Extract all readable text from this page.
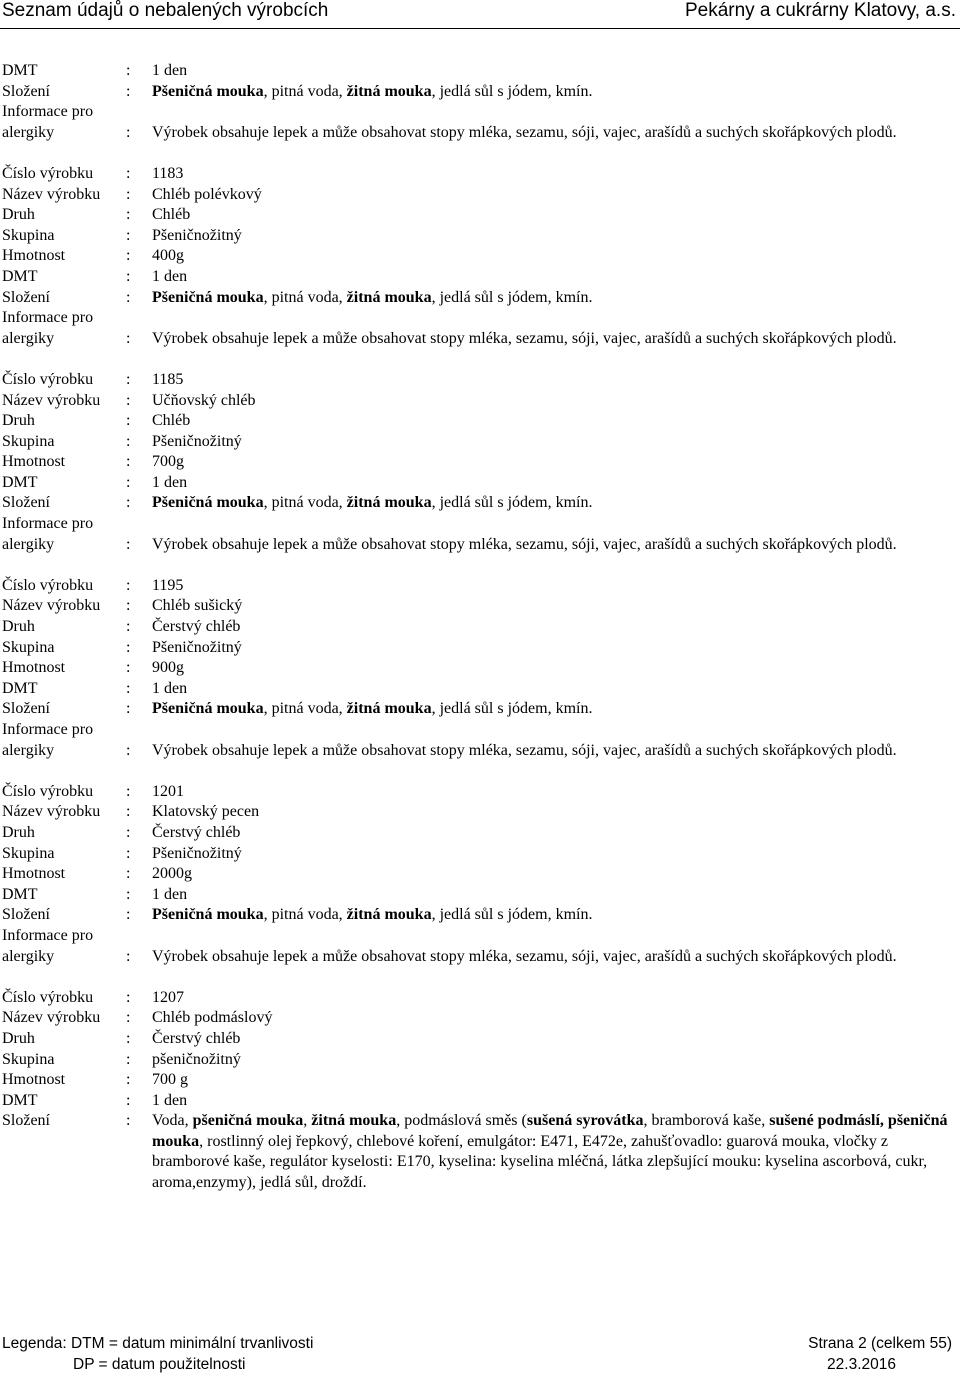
Seznam údajů o nebalených výrobcích	Pekárny a cukrárny Klatovy, a.s.
DMT	: 1 den
Složení	: Pšeničná mouka, pitná voda, žitná mouka, jedlá sůl s jódem, kmín.
Informace pro
alergiky	: Výrobek obsahuje lepek a může obsahovat stopy mléka, sezamu, sóji, vajec, arašídů a suchých skořápkových plodů.
Číslo výrobku : 1183
Název výrobku : Chléb polévkový
Druh	: Chléb
Skupina	: Pšeničnožitný
Hmotnost	: 400g
DMT	: 1 den
Složení	: Pšeničná mouka, pitná voda, žitná mouka, jedlá sůl s jódem, kmín.
Informace pro
alergiky	: Výrobek obsahuje lepek a může obsahovat stopy mléka, sezamu, sóji, vajec, arašídů a suchých skořápkových plodů.
Číslo výrobku : 1185
Název výrobku : Učňovský chléb
Druh	: Chléb
Skupina	: Pšeničnožitný
Hmotnost	: 700g
DMT	: 1 den
Složení	: Pšeničná mouka, pitná voda, žitná mouka, jedlá sůl s jódem, kmín.
Informace pro
alergiky	: Výrobek obsahuje lepek a může obsahovat stopy mléka, sezamu, sóji, vajec, arašídů a suchých skořápkových plodů.
Číslo výrobku : 1195
Název výrobku : Chléb sušický
Druh	: Čerstvý chléb
Skupina	: Pšeničnožitný
Hmotnost	: 900g
DMT	: 1 den
Složení	: Pšeničná mouka, pitná voda, žitná mouka, jedlá sůl s jódem, kmín.
Informace pro
alergiky	: Výrobek obsahuje lepek a může obsahovat stopy mléka, sezamu, sóji, vajec, arašídů a suchých skořápkových plodů.
Číslo výrobku : 1201
Název výrobku : Klatovský pecen
Druh	: Čerstvý chléb
Skupina	: Pšeničnožitný
Hmotnost	: 2000g
DMT	: 1 den
Složení	: Pšeničná mouka, pitná voda, žitná mouka, jedlá sůl s jódem, kmín.
Informace pro
alergiky	: Výrobek obsahuje lepek a může obsahovat stopy mléka, sezamu, sóji, vajec, arašídů a suchých skořápkových plodů.
Číslo výrobku : 1207
Název výrobku : Chléb podmáslový
Druh	: Čerstvý chléb
Skupina	: pšeničnožitný
Hmotnost	: 700 g
DMT	: 1 den
Složení	: Voda, pšeničná mouka, žitná mouka, podmáslová směs (sušená syrovátka, bramborová kaše, sušené podmáslí, pšeničná mouka, rostlinný olej řepkový, chlebové koření, emulgátor: E471, E472e, zahušťovadlo: guarová mouka, vločky z bramborové kaše, regulátor kyselosti: E170, kyselina: kyselina mléčná, látka zlepšující mouku: kyselina ascorbová, cukr, aroma,enzymy), jedlá sůl, droždí.
Legenda: DTM = datum minimální trvanlivosti
DP = datum použitelnosti
Strana 2 (celkem 55)
22.3.2016
